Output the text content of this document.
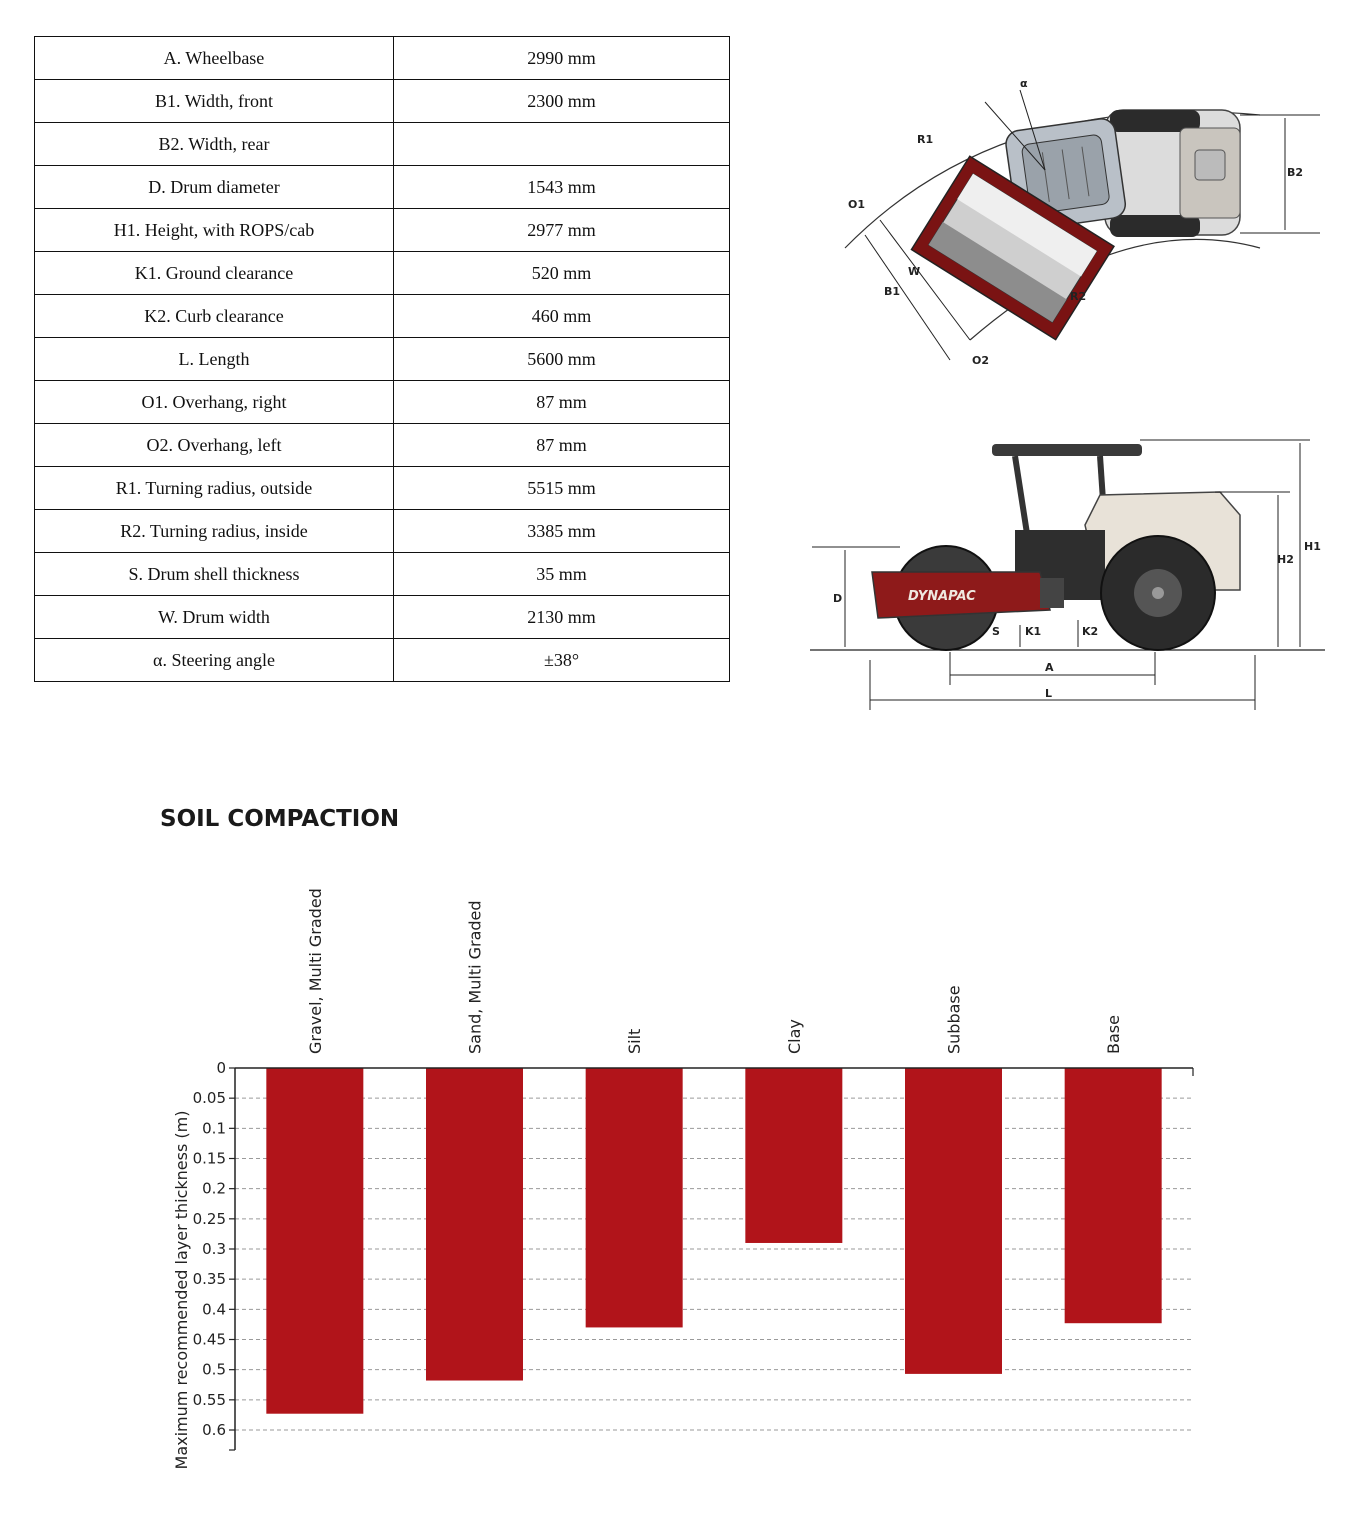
A. Wheelbase	2990 mm
B1. Width, front	2300 mm
B2. Width, rear	
D. Drum diameter	1543 mm
H1. Height, with ROPS/cab	2977 mm
K1. Ground clearance	520 mm
K2. Curb clearance	460 mm
L. Length	5600 mm
O1. Overhang, right	87 mm
O2. Overhang, left	87 mm
R1. Turning radius, outside	5515 mm
R2. Turning radius, inside	3385 mm
S. Drum shell thickness	35 mm
W. Drum width	2130 mm
α. Steering angle	±38°
α
R1
R2
O1
O2
W
B1
B2
DYNAPAC
D
S K1	K2
A
L
H1
H2
SOIL COMPACTION
0
0.05
0.1
0.15
0.2
0.25
0.3
0.35
0.4
0.45
0.5
0.55
0.6
Gravel, Multi Graded	Sand, Multi Graded	Silt	Clay	Subbase	Base
Maximum recommended layer thickness (m)
